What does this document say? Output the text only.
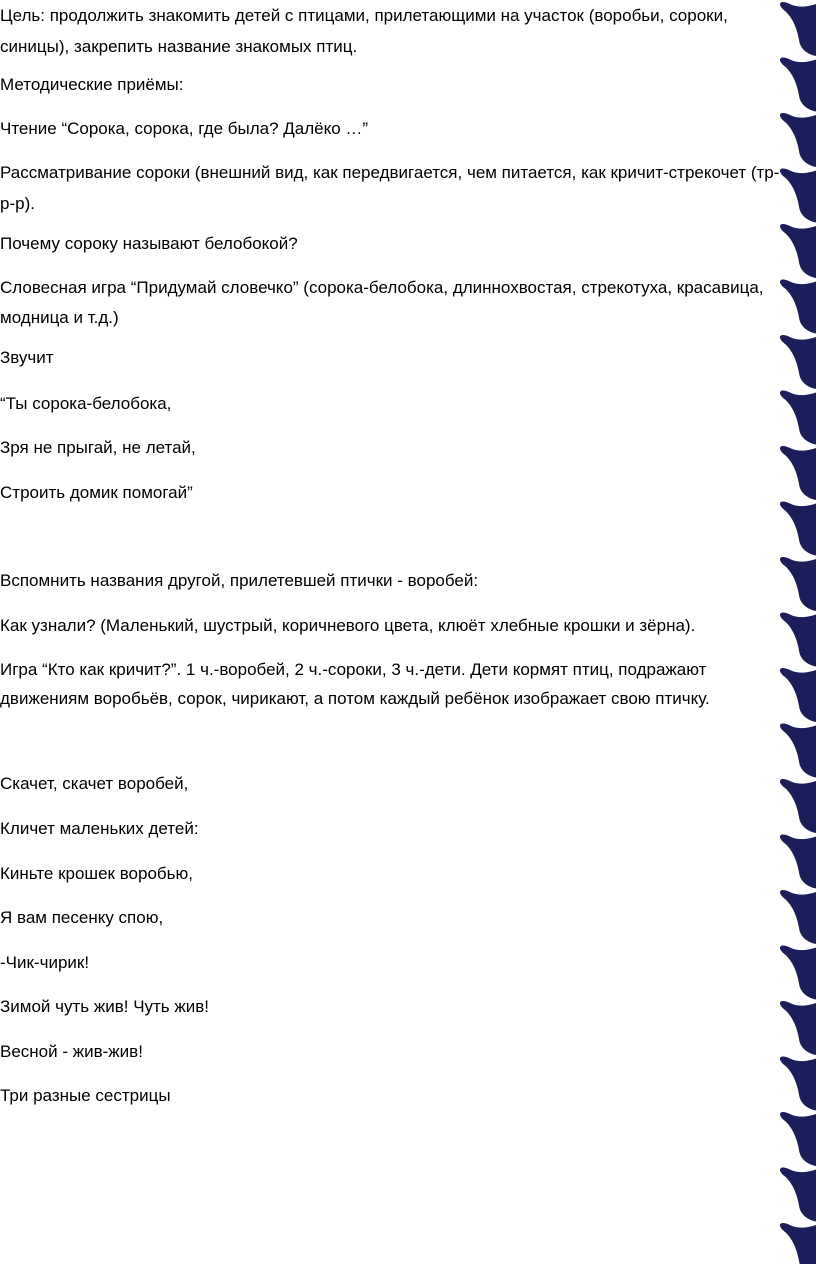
Цель: продолжить знакомить детей с птицами, прилетающими на участок (воробьи, сороки,

синицы), закрепить название знакомых птиц.

Методические приёмы:

Чтение “Сорока, сорока, где была? Далёко …”

Рассматривание сороки (внешний вид, как передвигается, чем питается, как кричит-стрекочет (тр-

р-р).

Почему сороку называют белобокой?

Словесная игра “Придумай словечко” (сорока-белобока, длиннохвостая, стрекотуха, красавица,

модница и т.д.)

Звучит

“Ты сорока-белобока,

Зря не прыгай, не летай,

Строить домик помогай”

Вспомнить названия другой, прилетевшей птички - воробей:

Как узнали? (Маленький, шустрый, коричневого цвета, клюёт хлебные крошки и зёрна).

Игра “Кто как кричит?”. 1 ч.-воробей, 2 ч.-сороки, 3 ч.-дети. Дети кормят птиц, подражают

движениям воробьёв, сорок, чирикают, а потом каждый ребёнок изображает свою птичку.

Скачет, скачет воробей,

Кличет маленьких детей:

Киньте крошек воробью,

Я вам песенку спою,

-Чик-чирик!

Зимой чуть жив! Чуть жив!

Весной - жив-жив!

Три разные сестрицы
